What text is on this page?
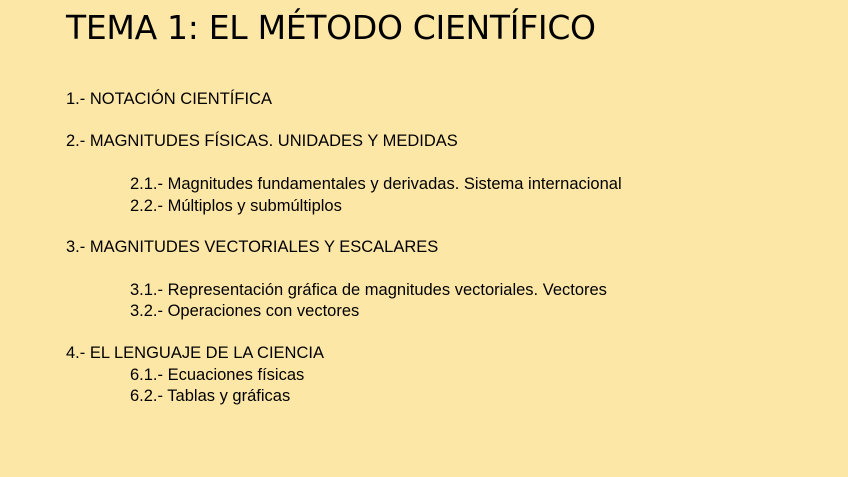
TEMA 1: EL MÉTODO CIENTÍFICO
1.- NOTACIÓN CIENTÍFICA
2.- MAGNITUDES FÍSICAS. UNIDADES Y MEDIDAS
2.1.- Magnitudes fundamentales y derivadas. Sistema internacional
2.2.- Múltiplos y submúltiplos
3.- MAGNITUDES VECTORIALES Y ESCALARES
3.1.- Representación gráfica de magnitudes vectoriales. Vectores
3.2.- Operaciones con vectores
4.- EL LENGUAJE DE LA CIENCIA
6.1.- Ecuaciones físicas
6.2.- Tablas y gráficas
